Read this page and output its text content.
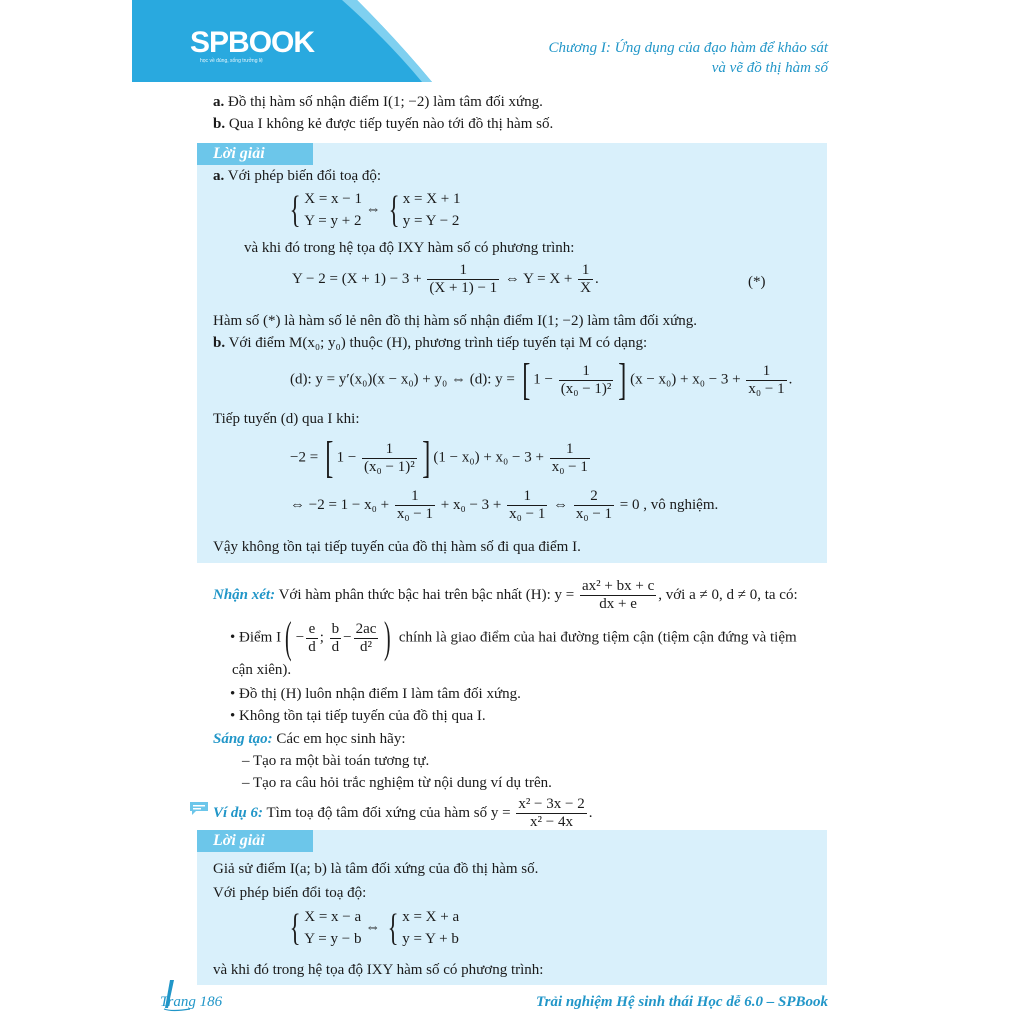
SPBOOK
học về đúng, sống trưởng lệ
Chương I: Ứng dụng của đạo hàm để khảo sát
và vẽ đồ thị hàm số
a. Đồ thị hàm số nhận điểm I(1; −2) làm tâm đối xứng.
b. Qua I không kẻ được tiếp tuyến nào tới đồ thị hàm số.
Lời giải
a. Với phép biến đổi toạ độ:
{ X = x − 1
Y = y + 2 ⇔ { x = X + 1
y = Y − 2
và khi đó trong hệ tọa độ IXY hàm số có phương trình:
$Y - 2 = (X + 1) - 3 + \frac{1}{(X + 1) - 1}$ ⇔ $Y = X + \frac{1}{X}$ .	(*)
Hàm số (*) là hàm số lẻ nên đồ thị hàm số nhận điểm I(1; −2) làm tâm đối xứng.
b. Với điểm M(x₀; y₀) thuộc (H), phương trình tiếp tuyến tại M có dạng:
(d): y = y′(x₀)(x − x₀) + y₀ ⇔ (d): y = [ $1 - \frac{1}{\text{(x₀ − 1)²}}$ ] $(x - x_0) + x_0 - 3 + \frac{1}{\text{x₀ − 1}}$ .
Tiếp tuyến (d) qua I khi:
−2 = [ $1 - \frac{1}{\text{(x₀ − 1)²}}$ ] $(1 - x_0) + x_0 - 3 + \frac{1}{\text{x₀ − 1}}$
⇔ $-2 = 1 - x_0 + \frac{1}{\text{x₀ − 1}} + x_0 - 3 + \frac{1}{\text{x₀ − 1}}$ ⇔ $\frac{2}{\text{x₀ − 1}} = 0$ , vô nghiệm.
Vậy không tồn tại tiếp tuyến của đồ thị hàm số đi qua điểm I.
Nhận xét: Với hàm phân thức bậc hai trên bậc nhất (H): $y = \frac{\text{ax² + bx + c}}{dx + e}$ , với a ≠ 0, d ≠ 0, ta có:
• Điểm $I( - \frac{e}{d}$ ; $\frac{b}{d} - \frac{2ac}{\text{d²}}$ ) chính là giao điểm của hai đường tiệm cận (tiệm cận đứng và tiệm
cận xiên).
• Đồ thị (H) luôn nhận điểm I làm tâm đối xứng.
• Không tồn tại tiếp tuyến của đồ thị qua I.
Sáng tạo: Các em học sinh hãy:
– Tạo ra một bài toán tương tự.
– Tạo ra câu hỏi trắc nghiệm từ nội dung ví dụ trên.
Ví dụ 6: Tìm toạ độ tâm đối xứng của hàm số $y = \frac{\text{x² − 3x − 2}}{\text{x² − 4x}}$ .
Lời giải
Giả sử điểm I(a; b) là tâm đối xứng của đồ thị hàm số.
Với phép biến đổi toạ độ:
{ X = x − a
Y = y − b ⇔ { x = X + a
y = Y + b
và khi đó trong hệ tọa độ IXY hàm số có phương trình:
Trang 186	Trải nghiệm Hệ sinh thái Học dễ 6.0 – SPBook
